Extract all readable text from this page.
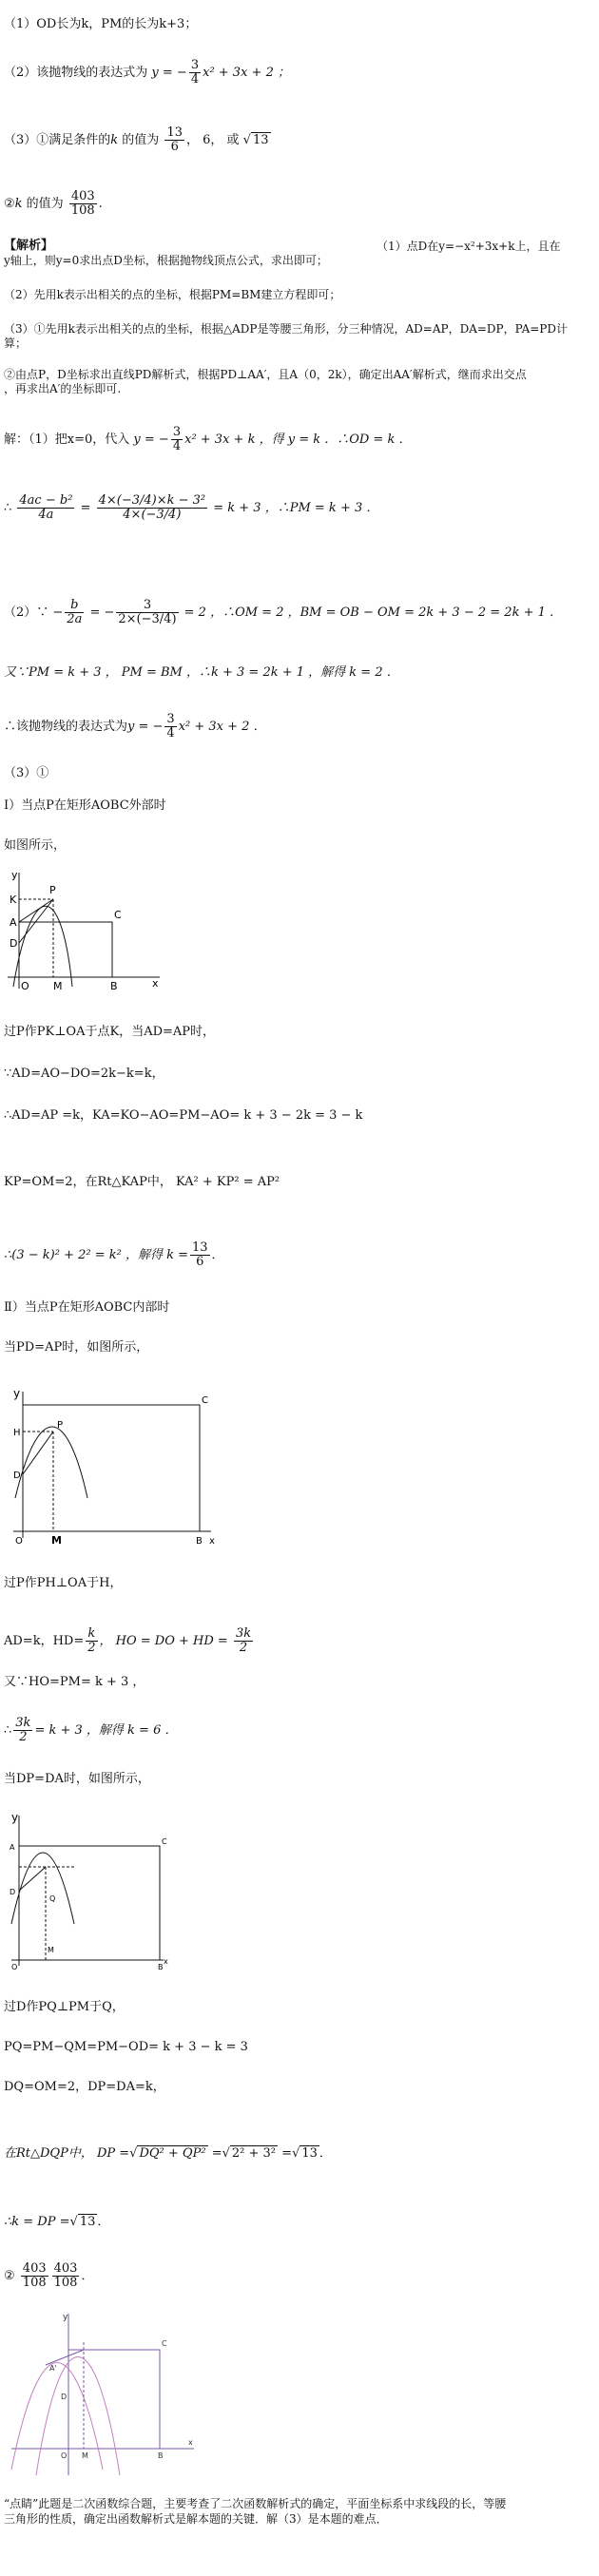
（1）OD长为k，PM的长为k+3；
（2）该抛物线的表达式为 y = − $\frac{3}{4} x^2 + 3x + 2$ ；
（3）①满足条件的k 的值为 $\frac{13}{6}$ ， 6， 或 √ 13
②k 的值为 $\frac{403}{108}$ .
【解析】	（1）点D在y=−x²+3x+k上，且在
y轴上，则y=0求出点D坐标，根据抛物线顶点公式，求出即可；
（2）先用k表示出相关的点的坐标，根据PM=BM建立方程即可；
（3）①先用k表示出相关的点的坐标，根据△ADP是等腰三角形，分三种情况，AD=AP，DA=DP，PA=PD计
算；
②由点P，D坐标求出直线PD解析式，根据PD⊥AA′，且A（0，2k），确定出AA′解析式，继而求出交点
，再求出A′的坐标即可.
解：（1）把x=0，代入 y = − $\frac{3}{4} x^2 + 3x + k$ ，得 y = k ．∴OD = k ．
∴ $\frac{\text{4ac − b²}}{4a} = \frac{\text{4×(−3/4)×k − 3²}}{4\times(-3/4)} = k + 3$ ，∴PM = k + 3 ．
（2）∵ − $\frac{b}{2a}$ = − $\frac{3}{2\times(-3/4)} = 2$ ，∴OM = 2 ，BM = OB − OM = 2k + 3 − 2 = 2k + 1 ．
又∵PM = k + 3 ， PM = BM ，∴k + 3 = 2k + 1 ，解得 k = 2 ．
∴该抛物线的表达式为y = − $\frac{3}{4} x^2 + 3x + 2$ ．
（3）①
Ⅰ）当点P在矩形AOBC外部时
如图所示，
y
K
P
C
A
D
O M	B	x
过P作PK⊥OA于点K，当AD=AP时，
∵AD=AO−DO=2k−k=k，
∴AD=AP =k，KA=KO−AO=PM−AO= k + 3 − 2k = 3 − k
KP=OM=2，在Rt△KAP中， KA² + KP² = AP²
∴(3 − k)² + 2² = k² ，解得 $k = \frac{13}{6}$ ．
Ⅱ）当点P在矩形AOBC内部时
当PD=AP时，如图所示，
y
H
P
C
D
O	M	B x
过P作PH⊥OA于H，
AD=k，$HD= \frac{k}{2}$ ， HO = DO + HD = $\frac{3k}{2}$
又∵HO=PM= k + 3 ，
∴ $\frac{3k}{2} = k + 3$ ，解得 k = 6 ．
当DP=DA时，如图所示，
y
A
C
Q
D
O
M
B
x
过D作PQ⊥PM于Q，
PQ=PM−QM=PM−OD= k + 3 − k = 3
DQ=OM=2，DP=DA=k，
在Rt△DQP中， DP =√ DQ² + QP² =√ 2² + 3² =√ 13 ．
∴k = DP =√ 13 ．
② $\frac{403}{108} \frac{403}{108}$ ．
A'
y
D
O M	B
C
x
“点睛”此题是二次函数综合题，主要考查了二次函数解析式的确定，平面坐标系中求线段的长，等腰
三角形的性质，确定出函数解析式是解本题的关键．解（3）是本题的难点．
